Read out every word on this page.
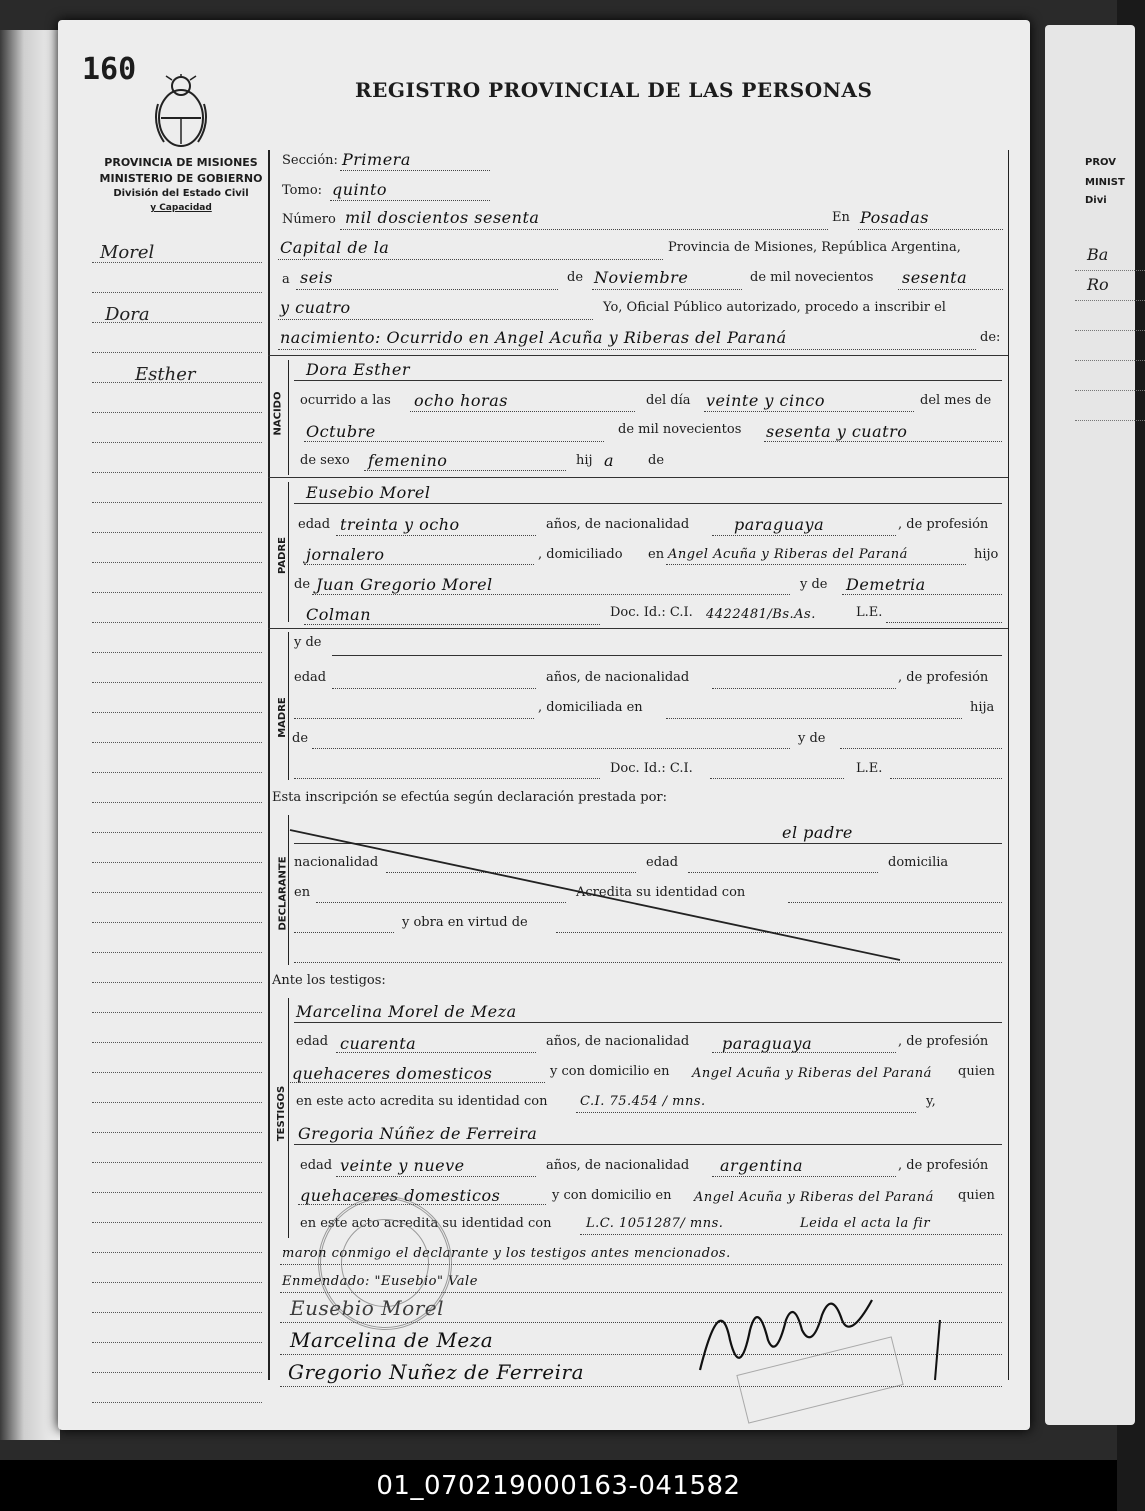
PROV
MINIST
Divi
Ba
Ro
160
REGISTRO PROVINCIAL DE LAS PERSONAS
PROVINCIA DE MISIONES
MINISTERIO DE GOBIERNO
División del Estado Civil
y Capacidad
Morel
Dora
Esther
Sección: Primera
Tomo: quinto
Número mil doscientos sesenta	En Posadas
Capital de la	Provincia de Misiones, República Argentina,
a seis	de Noviembre	de mil novecientos sesenta
y cuatro	Yo, Oficial Público autorizado, procedo a inscribir el
nacimiento: Ocurrido en Angel Acuña y Riberas del Paraná	de:
NACIDO
Dora Esther
ocurrido a las ocho horas	del día veinte y cinco	del mes de
Octubre	de mil novecientos sesenta y cuatro
de sexo femenino	hij a	de
PADRE
Eusebio Morel
edad treinta y ocho	años, de nacionalidad	paraguaya	, de profesión
jornalero	, domiciliado en Angel Acuña y Riberas del Paraná	hijo
de Juan Gregorio Morel	y de Demetria
Colman	Doc. Id.: C.I. 4422481/Bs.As.	L.E.
MADRE
y de
edad	años, de nacionalidad	, de profesión
, domiciliada en	hija
de	y de
Doc. Id.: C.I.	L.E.
Esta inscripción se efectúa según declaración prestada por:
DECLARANTE
el padre
nacionalidad	edad	domicilia
en	Acredita su identidad con
y obra en virtud de
Ante los testigos:
TESTIGOS
Marcelina Morel de Meza
edad cuarenta	años, de nacionalidad paraguaya	, de profesión
quehaceres domesticos	y con domicilio en Angel Acuña y Riberas del Paraná quien
en este acto acredita su identidad con	C.I. 75.454 / mns.	y,
Gregoria Núñez de Ferreira
edad veinte y nueve	años, de nacionalidad argentina	, de profesión
quehaceres domesticos	y con domicilio en Angel Acuña y Riberas del Paraná quien
en este acto acredita su identidad con	L.C. 1051287/ mns.	Leida el acta la fir
maron conmigo el declarante y los testigos antes mencionados.
Enmendado: "Eusebio" Vale
Eusebio Morel
Marcelina de Meza
Gregorio Nuñez de Ferreira
01_070219000163-041582
